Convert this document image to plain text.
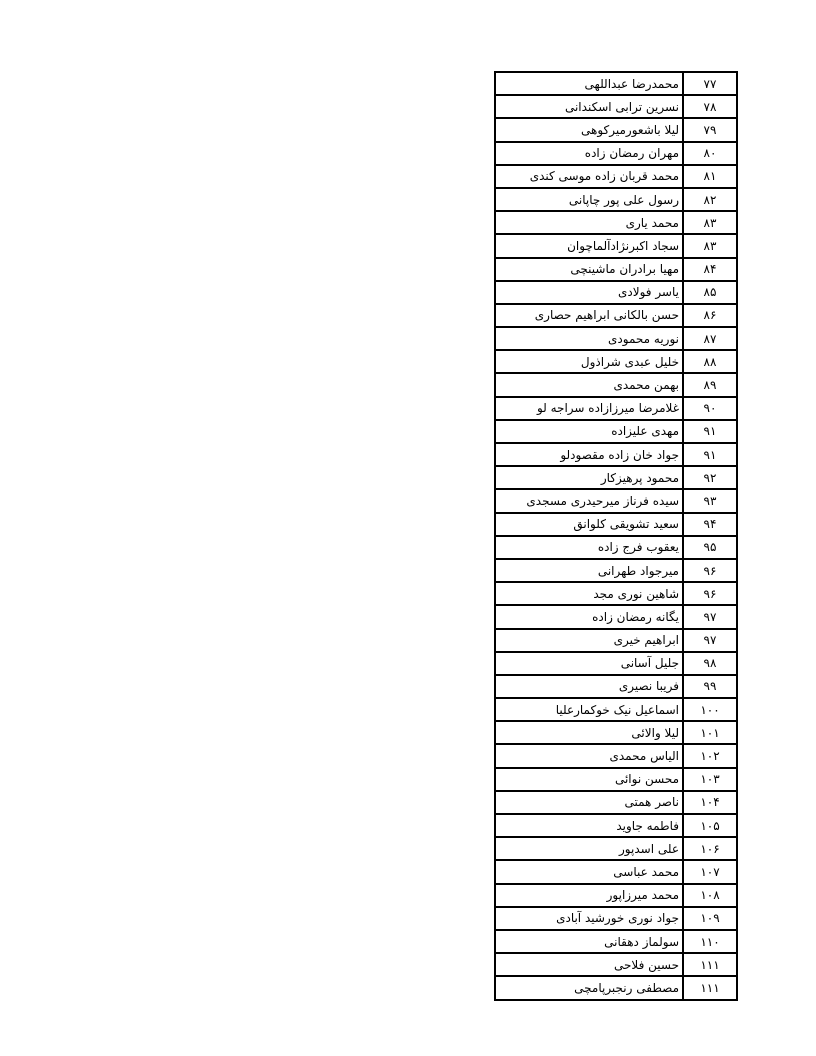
۷۷	محمدرضا عبداللهی
۷۸	نسرین ترابی اسکندانی
۷۹	لیلا باشعورمیرکوهی
۸۰	مهران رمضان زاده
۸۱	محمد قربان زاده موسی کندی
۸۲	رسول علی پور چاپانی
۸۳	محمد یاری
۸۳	سجاد اکبرنژادآلماچوان
۸۴	مهیا برادران ماشینچی
۸۵	یاسر فولادی
۸۶	حسن بالکانی ابراهیم حصاری
۸۷	نوریه محمودی
۸۸	خلیل عبدی شراذول
۸۹	بهمن محمدی
۹۰	غلامرضا میرزازاده سراجه لو
۹۱	مهدی علیزاده
۹۱	جواد خان زاده مقصودلو
۹۲	محمود پرهیزکار
۹۳	سیده فرناز میرحیدری مسجدی
۹۴	سعید تشویقی کلوانق
۹۵	یعقوب فرج زاده
۹۶	میرجواد طهرانی
۹۶	شاهین نوری مجد
۹۷	یگانه رمضان زاده
۹۷	ابراهیم خیری
۹۸	جلیل آسانی
۹۹	فریبا نصیری
۱۰۰	اسماعیل نیک خوکمارعلیا
۱۰۱	لیلا والائی
۱۰۲	الیاس محمدی
۱۰۳	محسن نوائی
۱۰۴	ناصر همتی
۱۰۵	فاطمه جاوید
۱۰۶	علی اسدپور
۱۰۷	محمد عباسی
۱۰۸	محمد میرزاپور
۱۰۹	جواد نوری خورشید آبادی
۱۱۰	سولماز دهقانی
۱۱۱	حسین فلاحی
۱۱۱	مصطفی رنجبرپامچی
